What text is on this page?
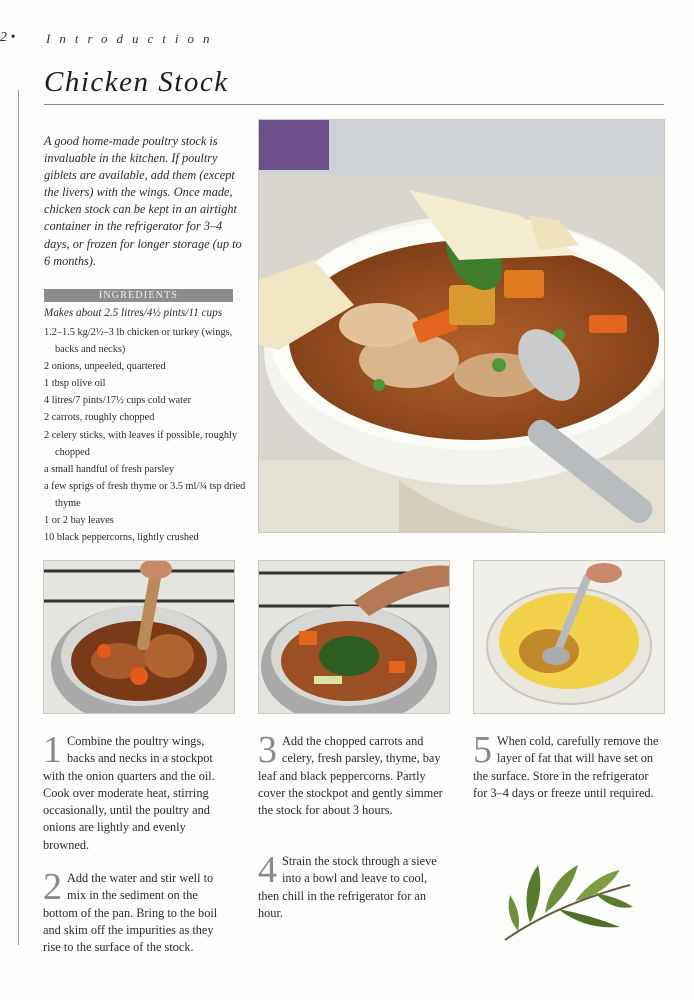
2 • Introduction
Chicken Stock
A good home-made poultry stock is invaluable in the kitchen. If poultry giblets are available, add them (except the livers) with the wings. Once made, chicken stock can be kept in an airtight container in the refrigerator for 3–4 days, or frozen for longer storage (up to 6 months).
INGREDIENTS
Makes about 2.5 litres/4½ pints/11 cups
1.2–1.5 kg/2½–3 lb chicken or turkey (wings, backs and necks)
2 onions, unpeeled, quartered
1 tbsp olive oil
4 litres/7 pints/17½ cups cold water
2 carrots, roughly chopped
2 celery sticks, with leaves if possible, roughly chopped
a small handful of fresh parsley
a few sprigs of fresh thyme or 3.5 ml/¾ tsp dried thyme
1 or 2 bay leaves
10 black peppercorns, lightly crushed
1 Combine the poultry wings, backs and necks in a stockpot with the onion quarters and the oil. Cook over moderate heat, stirring occasionally, until the poultry and onions are lightly and evenly browned.
2 Add the water and stir well to mix in the sediment on the bottom of the pan. Bring to the boil and skim off the impurities as they rise to the surface of the stock.
3 Add the chopped carrots and celery, fresh parsley, thyme, bay leaf and black peppercorns. Partly cover the stockpot and gently simmer the stock for about 3 hours.
4 Strain the stock through a sieve into a bowl and leave to cool, then chill in the refrigerator for an hour.
5 When cold, carefully remove the layer of fat that will have set on the surface. Store in the refrigerator for 3–4 days or freeze until required.
